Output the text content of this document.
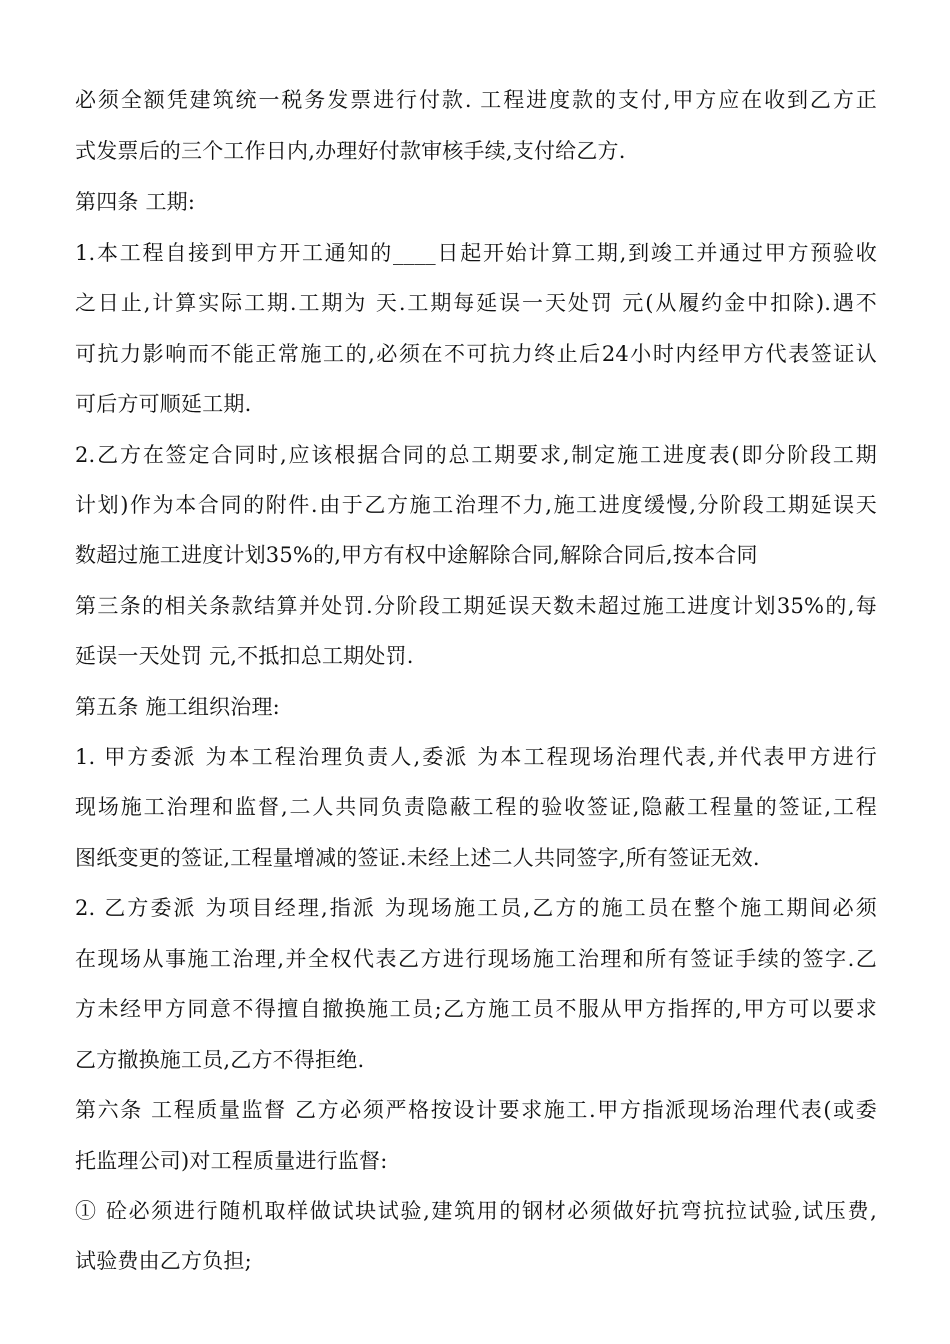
必须全额凭建筑统一税务发票进行付款. 工程进度款的支付,甲方应在收到乙方正
式发票后的三个工作日内,办理好付款审核手续,支付给乙方.
第四条 工期:
1.本工程自接到甲方开工通知的____日起开始计算工期,到竣工并通过甲方预验收
之日止,计算实际工期.工期为 天.工期每延误一天处罚 元(从履约金中扣除).遇不
可抗力影响而不能正常施工的,必须在不可抗力终止后24小时内经甲方代表签证认
可后方可顺延工期.
2.乙方在签定合同时,应该根据合同的总工期要求,制定施工进度表(即分阶段工期
计划)作为本合同的附件.由于乙方施工治理不力,施工进度缓慢,分阶段工期延误天
数超过施工进度计划35%的,甲方有权中途解除合同,解除合同后,按本合同
第三条的相关条款结算并处罚.分阶段工期延误天数未超过施工进度计划35%的,每
延误一天处罚 元,不抵扣总工期处罚.
第五条 施工组织治理:
1. 甲方委派 为本工程治理负责人,委派 为本工程现场治理代表,并代表甲方进行
现场施工治理和监督,二人共同负责隐蔽工程的验收签证,隐蔽工程量的签证,工程
图纸变更的签证,工程量增减的签证.未经上述二人共同签字,所有签证无效.
2. 乙方委派 为项目经理,指派 为现场施工员,乙方的施工员在整个施工期间必须
在现场从事施工治理,并全权代表乙方进行现场施工治理和所有签证手续的签字.乙
方未经甲方同意不得擅自撤换施工员;乙方施工员不服从甲方指挥的,甲方可以要求
乙方撤换施工员,乙方不得拒绝.
第六条 工程质量监督 乙方必须严格按设计要求施工.甲方指派现场治理代表(或委
托监理公司)对工程质量进行监督:
① 砼必须进行随机取样做试块试验,建筑用的钢材必须做好抗弯抗拉试验,试压费,
试验费由乙方负担;
